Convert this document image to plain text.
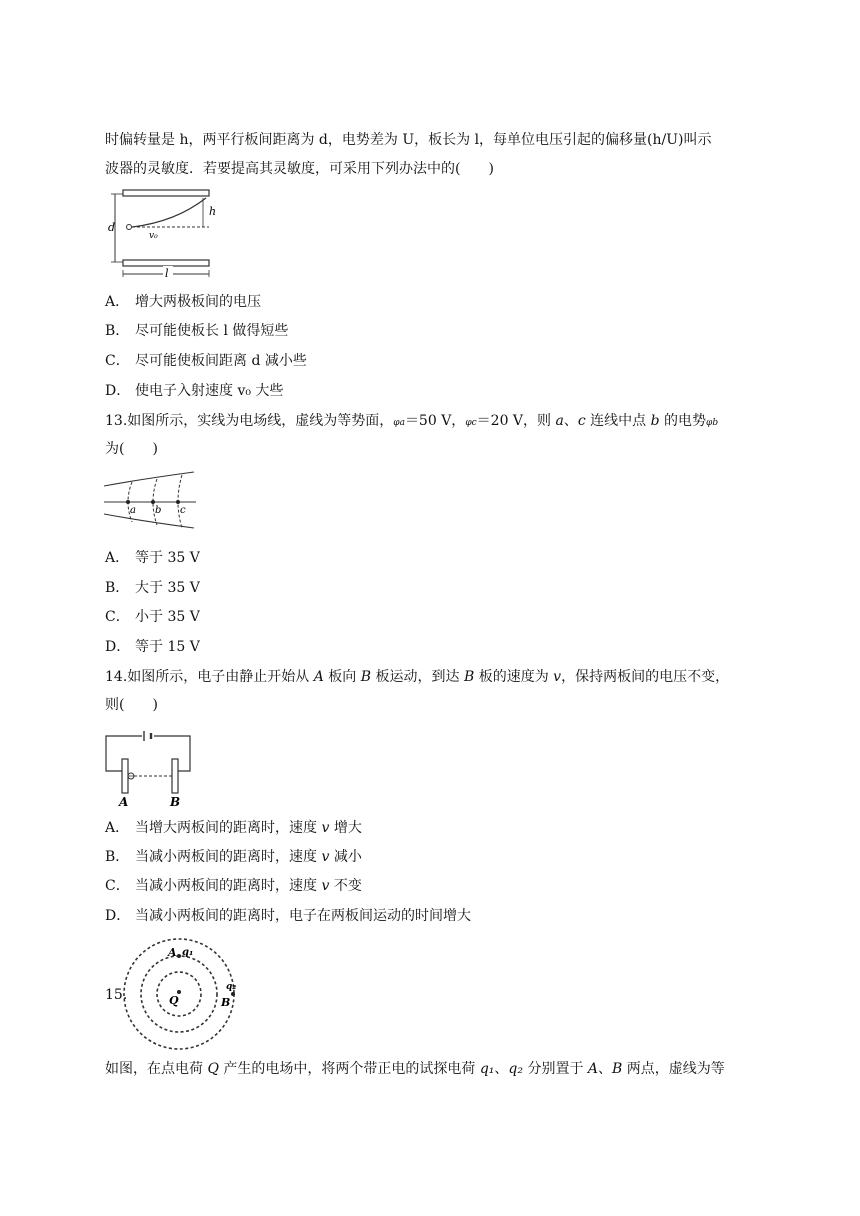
时偏转量是 h，两平行板间距离为 d，电势差为 U，板长为 l，每单位电压引起的偏移量(h/U)叫示
波器的灵敏度．若要提高其灵敏度，可采用下列办法中的(　　)
d
v₀
h
l
A． 增大两极板间的电压
B． 尽可能使板长 l 做得短些
C． 尽可能使板间距离 d 减小些
D． 使电子入射速度 v₀ 大些
13.如图所示，实线为电场线，虚线为等势面，φa＝50 V，φc＝20 V，则 a、c 连线中点 b 的电势φb
为(　　)
a b c
A． 等于 35 V
B． 大于 35 V
C． 小于 35 V
D． 等于 15 V
14.如图所示，电子由静止开始从 A 板向 B 板运动，到达 B 板的速度为 v，保持两板间的电压不变，
则(　　)
A	B
A． 当增大两板间的距离时，速度 v 增大
B． 当减小两板间的距离时，速度 v 减小
C． 当减小两板间的距离时，速度 v 不变
D． 当减小两板间的距离时，电子在两板间运动的时间增大
15.	Q
A q₁
B
q₂
如图，在点电荷 Q 产生的电场中，将两个带正电的试探电荷 q₁、q₂ 分别置于 A、B 两点，虚线为等
